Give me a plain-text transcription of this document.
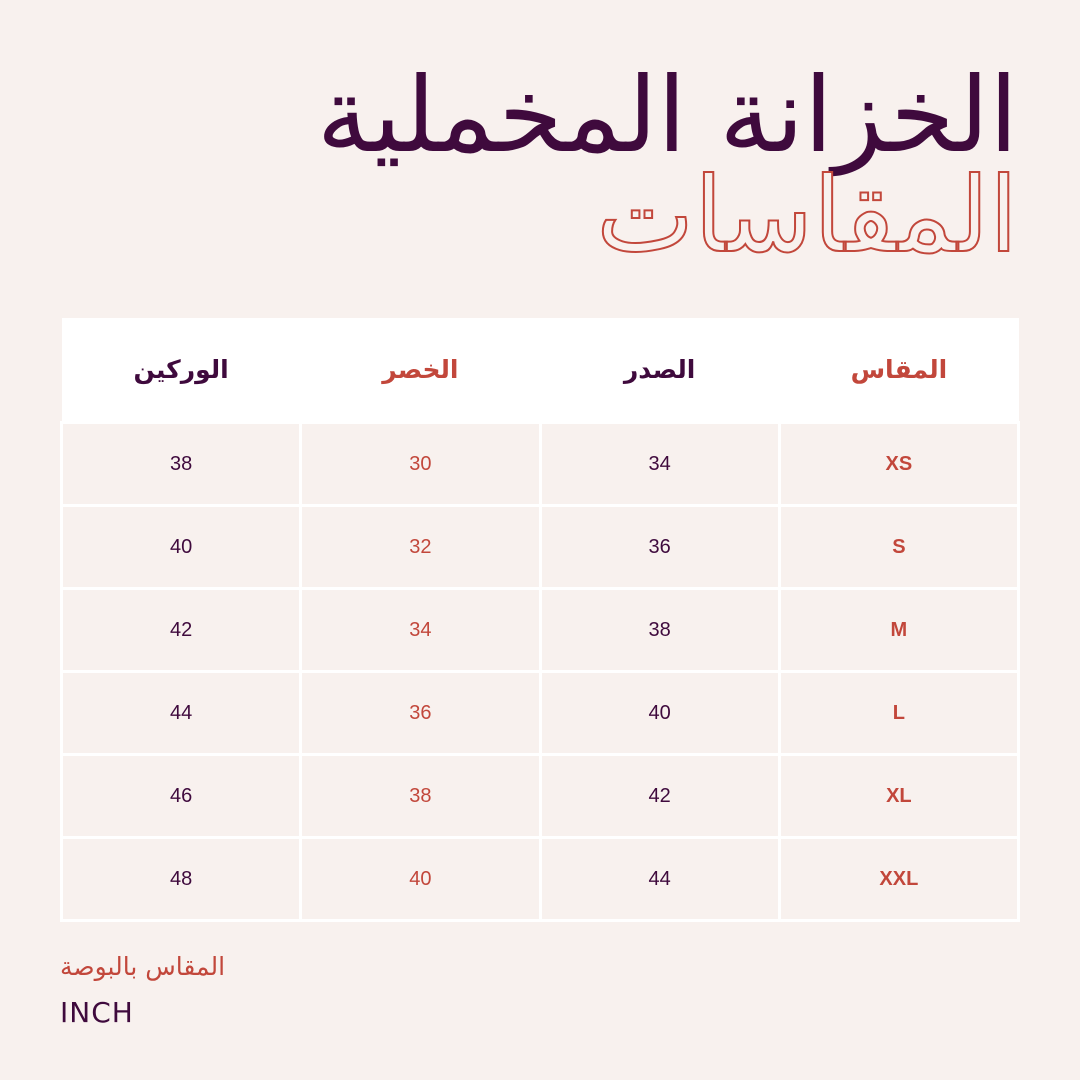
الخزانة المخملية
المقاسات
المقاس	الصدر	الخصر	الوركين
XS	34	30	38
S	36	32	40
M	38	34	42
L	40	36	44
XL	42	38	46
XXL	44	40	48
المقاس بالبوصة
INCH
